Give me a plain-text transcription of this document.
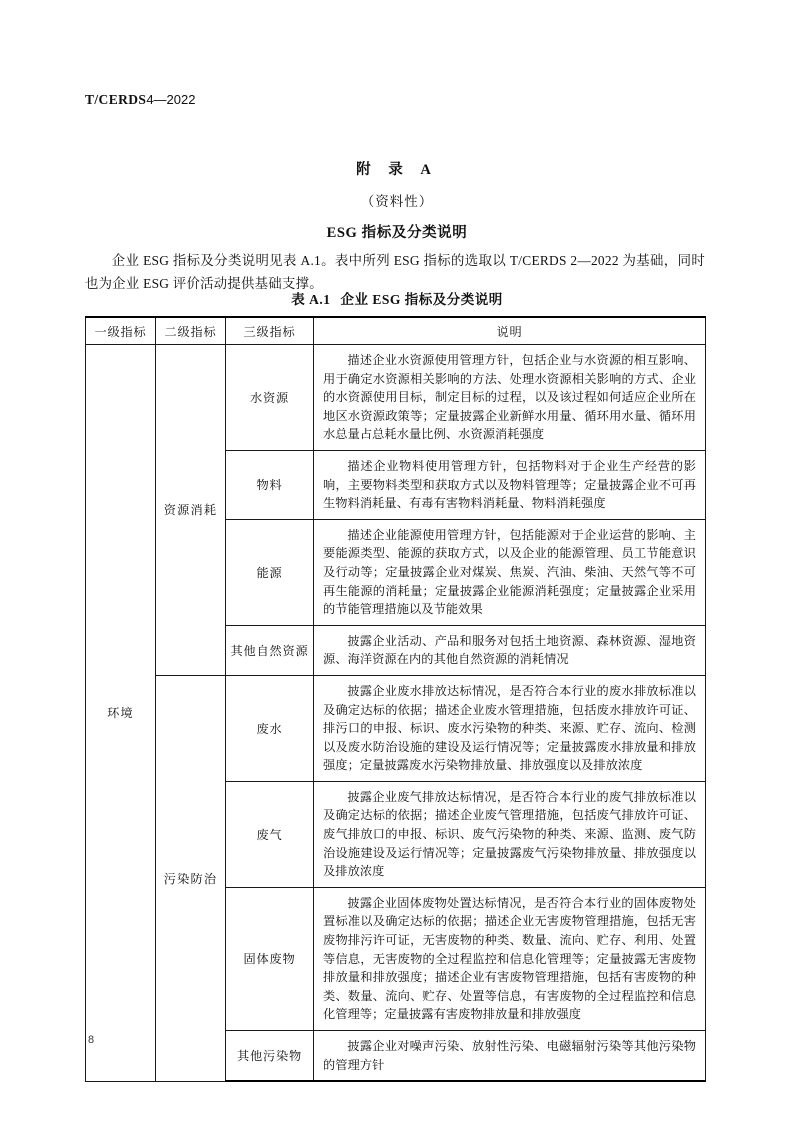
T/CERDS4—2022
附 录 A
（资料性）
ESG 指标及分类说明

企业 ESG 指标及分类说明见表 A.1。表中所列 ESG 指标的选取以 T/CERDS 2—2022 为基础，同时也为企业 ESG 评价活动提供基础支撑。

表 A.1 企业 ESG 指标及分类说明
一级指标	二级指标	三级指标	说明
环境	资源消耗	水资源	描述企业水资源使用管理方针，包括企业与水资源的相互影响、用于确定水资源相关影响的方法、处理水资源相关影响的方式、企业的水资源使用目标，制定目标的过程，以及该过程如何适应企业所在地区水资源政策等；定量披露企业新鲜水用量、循环用水量、循环用水总量占总耗水量比例、水资源消耗强度
		物料	描述企业物料使用管理方针，包括物料对于企业生产经营的影响，主要物料类型和获取方式以及物料管理等；定量披露企业不可再生物料消耗量、有毒有害物料消耗量、物料消耗强度
		能源	描述企业能源使用管理方针，包括能源对于企业运营的影响、主要能源类型、能源的获取方式，以及企业的能源管理、员工节能意识及行动等；定量披露企业对煤炭、焦炭、汽油、柴油、天然气等不可再生能源的消耗量；定量披露企业能源消耗强度；定量披露企业采用的节能管理措施以及节能效果
		其他自然资源	披露企业活动、产品和服务对包括土地资源、森林资源、湿地资源、海洋资源在内的其他自然资源的消耗情况
	污染防治	废水	披露企业废水排放达标情况，是否符合本行业的废水排放标准以及确定达标的依据；描述企业废水管理措施，包括废水排放许可证、排污口的申报、标识、废水污染物的种类、来源、贮存、流向、检测以及废水防治设施的建设及运行情况等；定量披露废水排放量和排放强度；定量披露废水污染物排放量、排放强度以及排放浓度
		废气	披露企业废气排放达标情况，是否符合本行业的废气排放标准以及确定达标的依据；描述企业废气管理措施，包括废气排放许可证、废气排放口的申报、标识、废气污染物的种类、来源、监测、废气防治设施建设及运行情况等；定量披露废气污染物排放量、排放强度以及排放浓度
		固体废物	披露企业固体废物处置达标情况，是否符合本行业的固体废物处置标准以及确定达标的依据；描述企业无害废物管理措施，包括无害废物排污许可证，无害废物的种类、数量、流向、贮存、利用、处置等信息，无害废物的全过程监控和信息化管理等；定量披露无害废物排放量和排放强度；描述企业有害废物管理措施，包括有害废物的种类、数量、流向、贮存、处置等信息，有害废物的全过程监控和信息化管理等；定量披露有害废物排放量和排放强度
		其他污染物	披露企业对噪声污染、放射性污染、电磁辐射污染等其他污染物的管理方针
8
